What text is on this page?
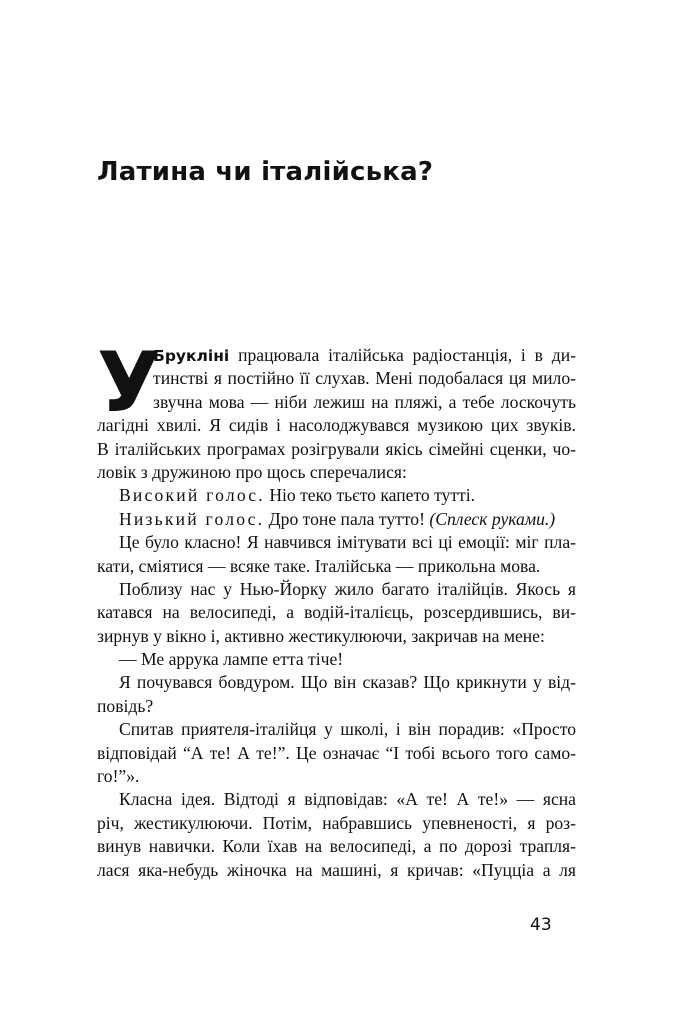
Латина чи італійська?
У
Брукліні працювала італійська радіостанція, і в ди-
тинстві я постійно її слухав. Мені подобалася ця мило-
звучна мова — ніби лежиш на пляжі, а тебе лоскочуть
лагідні хвилі. Я сидів і насолоджувався музикою цих звуків.
В італійських програмах розігрували якісь сімейні сценки, чо-
ловік з дружиною про щось сперечалися:
Високий голос. Ніо теко тьєто капето тутті.
Низький голос. Дро тоне пала тутто! (Сплеск руками.)
Це було класно! Я навчився імітувати всі ці емоції: міг пла-
кати, сміятися — всяке таке. Італійська — прикольна мова.
Поблизу нас у Нью-Йорку жило багато італійців. Якось я
катався на велосипеді, а водій-італієць, розсердившись, ви-
зирнув у вікно і, активно жестикулюючи, закричав на мене:
— Ме аррука лампе етта тіче!
Я почувався бовдуром. Що він сказав? Що крикнути у від-
повідь?
Спитав приятеля-італійця у школі, і він порадив: «Просто
відповідай “А те! А те!”. Це означає “І тобі всього того само-
го!”».
Класна ідея. Відтоді я відповідав: «А те! А те!» — ясна
річ, жестикулюючи. Потім, набравшись упевненості, я роз-
винув навички. Коли їхав на велосипеді, а по дорозі трапля-
лася яка-небудь жіночка на машині, я кричав: «Пуцціа а ля
43
